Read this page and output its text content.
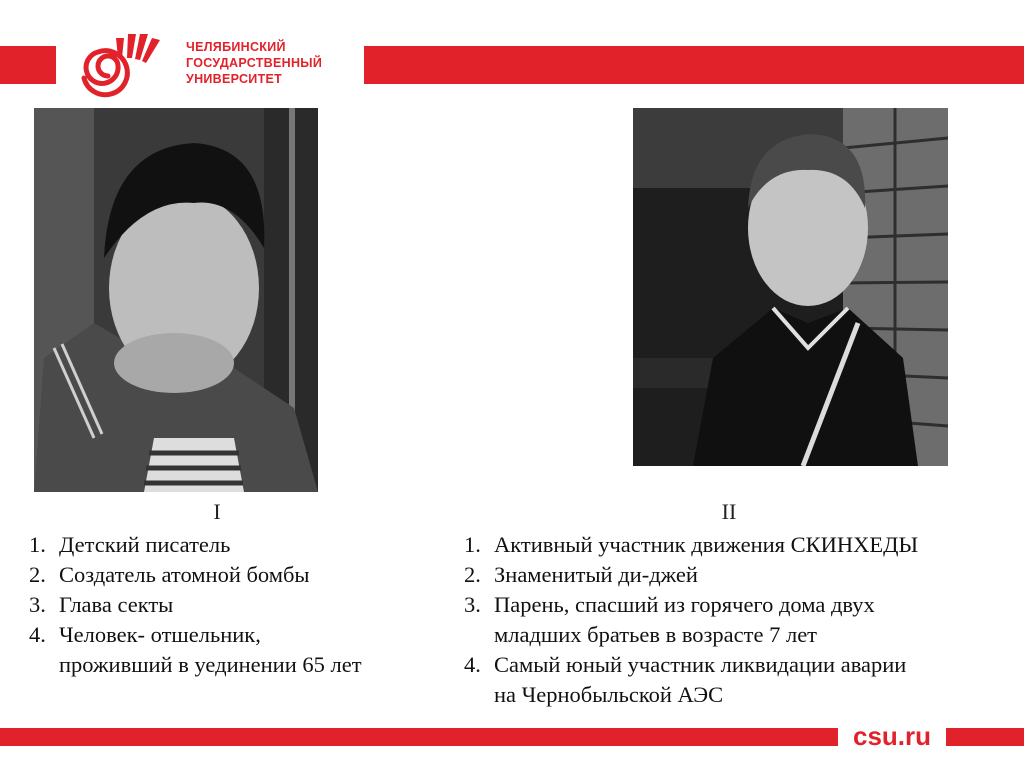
ЧЕЛЯБИНСКИЙ
ГОСУДАРСТВЕННЫЙ
УНИВЕРСИТЕТ
I	II
1. Детский писатель
2. Создатель атомной бомбы
3. Глава секты
4. Человек- отшельник,
проживший в уединении 65 лет
1. Активный участник движения СКИНХЕДЫ
2. Знаменитый ди-джей
3. Парень, спасший из горячего дома двух
младших братьев в возрасте 7 лет
4. Самый юный участник ликвидации аварии
на Чернобыльской АЭС
csu.ru
